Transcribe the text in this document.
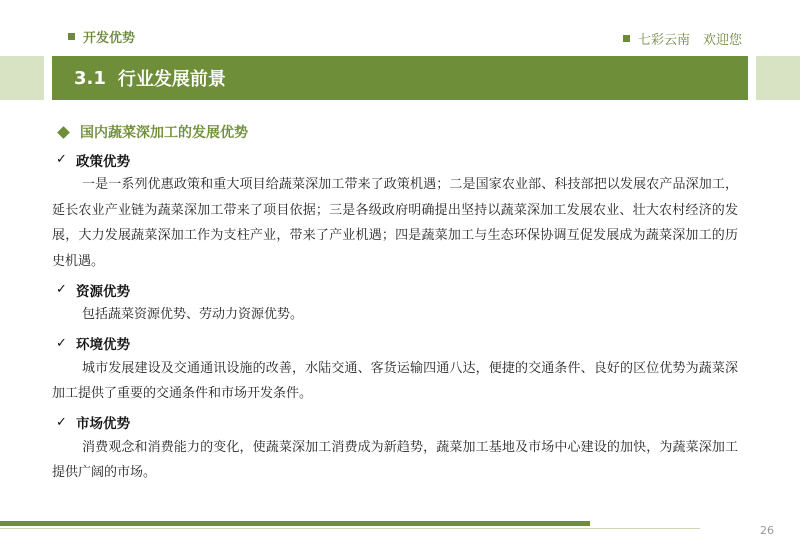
开发优势	七彩云南　欢迎您
3.1 行业发展前景
国内蔬菜深加工的发展优势
✓ 政策优势
一是一系列优惠政策和重大项目给蔬菜深加工带来了政策机遇；二是国家农业部、科技部把以发展农产品深加工，延长农业产业链为蔬菜深加工带来了项目依据；三是各级政府明确提出坚持以蔬菜深加工发展农业、壮大农村经济的发展，大力发展蔬菜深加工作为支柱产业，带来了产业机遇；四是蔬菜加工与生态环保协调互促发展成为蔬菜深加工的历史机遇。
✓ 资源优势
包括蔬菜资源优势、劳动力资源优势。
✓ 环境优势
城市发展建设及交通通讯设施的改善，水陆交通、客货运输四通八达，便捷的交通条件、良好的区位优势为蔬菜深加工提供了重要的交通条件和市场开发条件。
✓ 市场优势
消费观念和消费能力的变化，使蔬菜深加工消费成为新趋势，蔬菜加工基地及市场中心建设的加快，为蔬菜深加工提供广阔的市场。
26
